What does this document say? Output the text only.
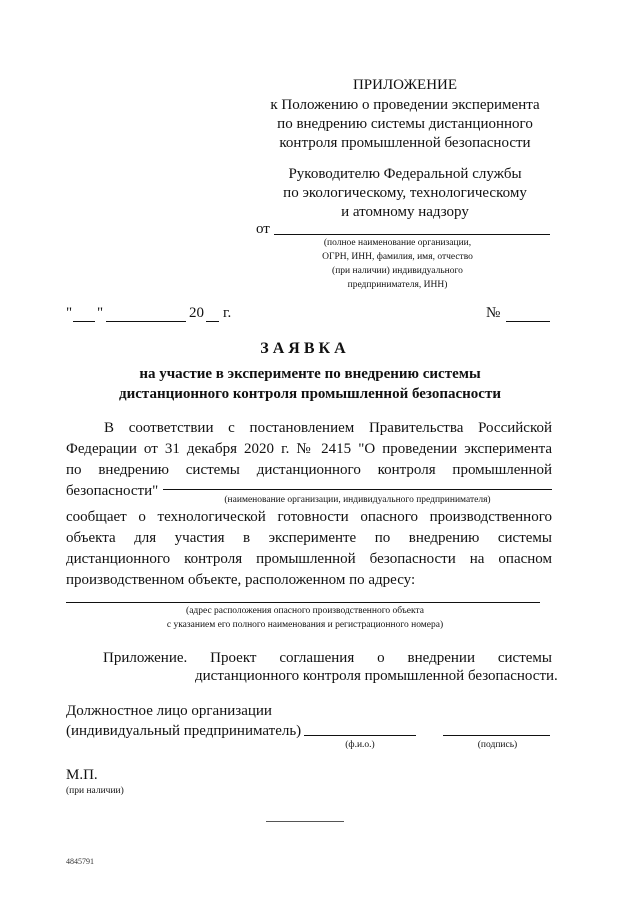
ПРИЛОЖЕНИЕ
к Положению о проведении эксперимента
по внедрению системы дистанционного
контроля промышленной безопасности
Руководителю Федеральной службы
по экологическому, технологическому
и атомному надзору
от
(полное наименование организации,
ОГРН, ИНН, фамилия, имя, отчество
(при наличии) индивидуального
предпринимателя, ИНН)
" "	20 г.	№
ЗАЯВКА
на участие в эксперименте по внедрению системы
дистанционного контроля промышленной безопасности
В соответствии с постановлением Правительства Российской
Федерации от 31 декабря 2020 г. № 2415 "О проведении эксперимента
по внедрению системы дистанционного контроля промышленной
безопасности"
(наименование организации, индивидуального предпринимателя)
сообщает о технологической готовности опасного производственного
объекта для участия в эксперименте по внедрению системы
дистанционного контроля промышленной безопасности на опасном
производственном объекте, расположенном по адресу:
(адрес расположения опасного производственного объекта
с указанием его полного наименования и регистрационного номера)
Приложение. Проект соглашения о внедрении системы
дистанционного контроля промышленной безопасности.
Должностное лицо организации
(индивидуальный предприниматель)
(ф.и.о.)	(подпись)
М.П.
(при наличии)
4845791
